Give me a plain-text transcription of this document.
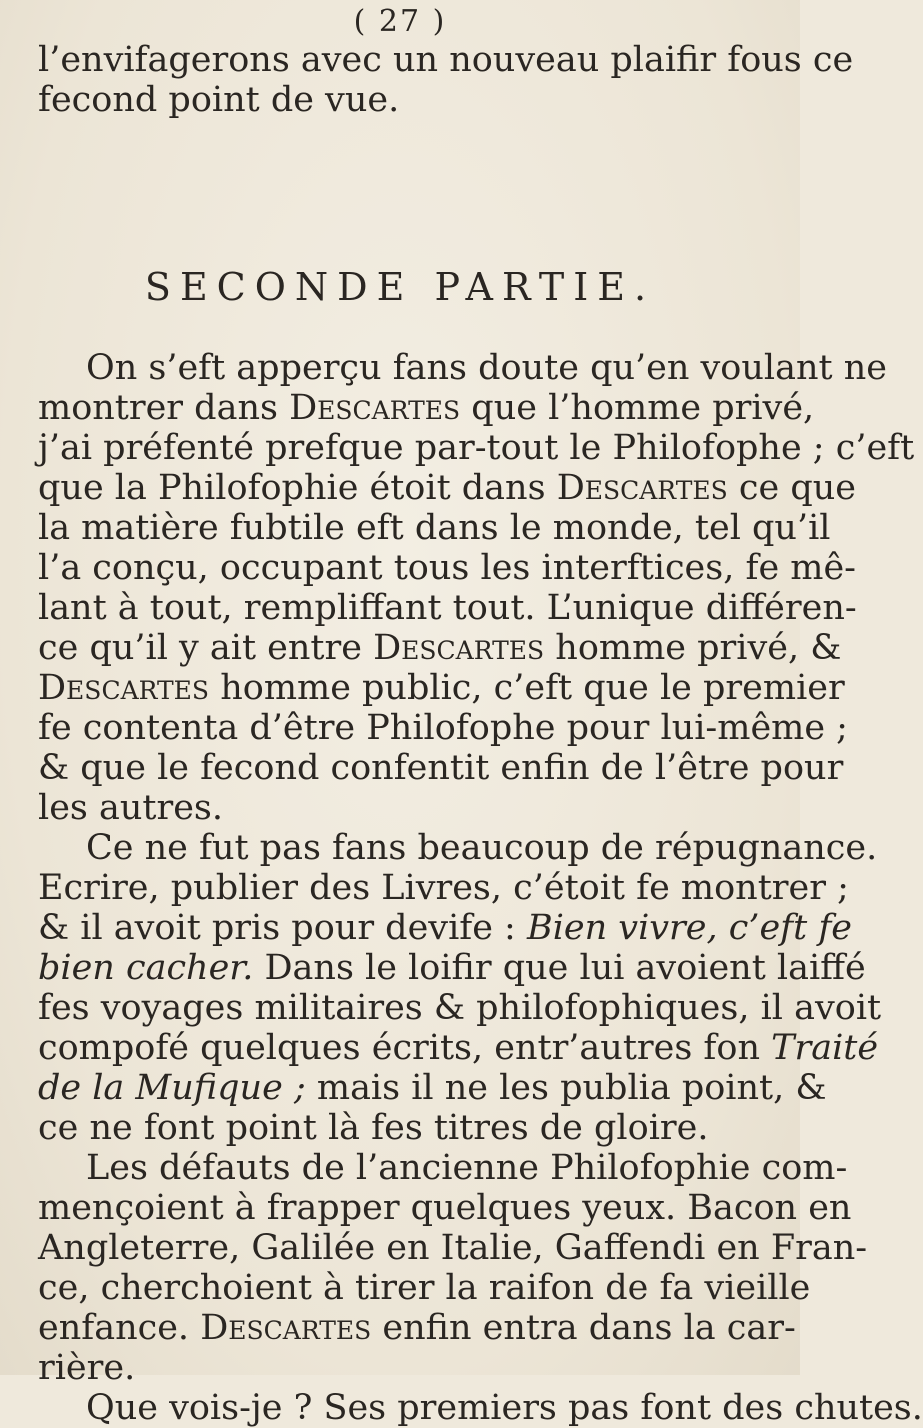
( 27 )
l’envifagerons avec un nouveau plaifir fous ce
fecond point de vue.
SECONDE PARTIE.
On s’eft apperçu fans doute qu’en voulant ne
montrer dans Descartes que l’homme privé,
j’ai préfenté prefque par-tout le Philofophe ; c’eft
que la Philofophie étoit dans Descartes ce que
la matière fubtile eft dans le monde, tel qu’il
l’a conçu, occupant tous les interftices, fe mê-
lant à tout, rempliffant tout. L’unique différen-
ce qu’il y ait entre Descartes homme privé, &
Descartes homme public, c’eft que le premier
fe contenta d’être Philofophe pour lui-même ;
& que le fecond confentit enfin de l’être pour
les autres.
Ce ne fut pas fans beaucoup de répugnance.
Ecrire, publier des Livres, c’étoit fe montrer ;
& il avoit pris pour devife : Bien vivre, c’eft fe
bien cacher. Dans le loifir que lui avoient laiffé
fes voyages militaires & philofophiques, il avoit
compofé quelques écrits, entr’autres fon Traité
de la Mufique ; mais il ne les publia point, &
ce ne font point là fes titres de gloire.
Les défauts de l’ancienne Philofophie com-
mençoient à frapper quelques yeux. Bacon en
Angleterre, Galilée en Italie, Gaffendi en Fran-
ce, cherchoient à tirer la raifon de fa vieille
enfance. Descartes enfin entra dans la car-
rière.
Que vois-je ? Ses premiers pas font des chutes.
